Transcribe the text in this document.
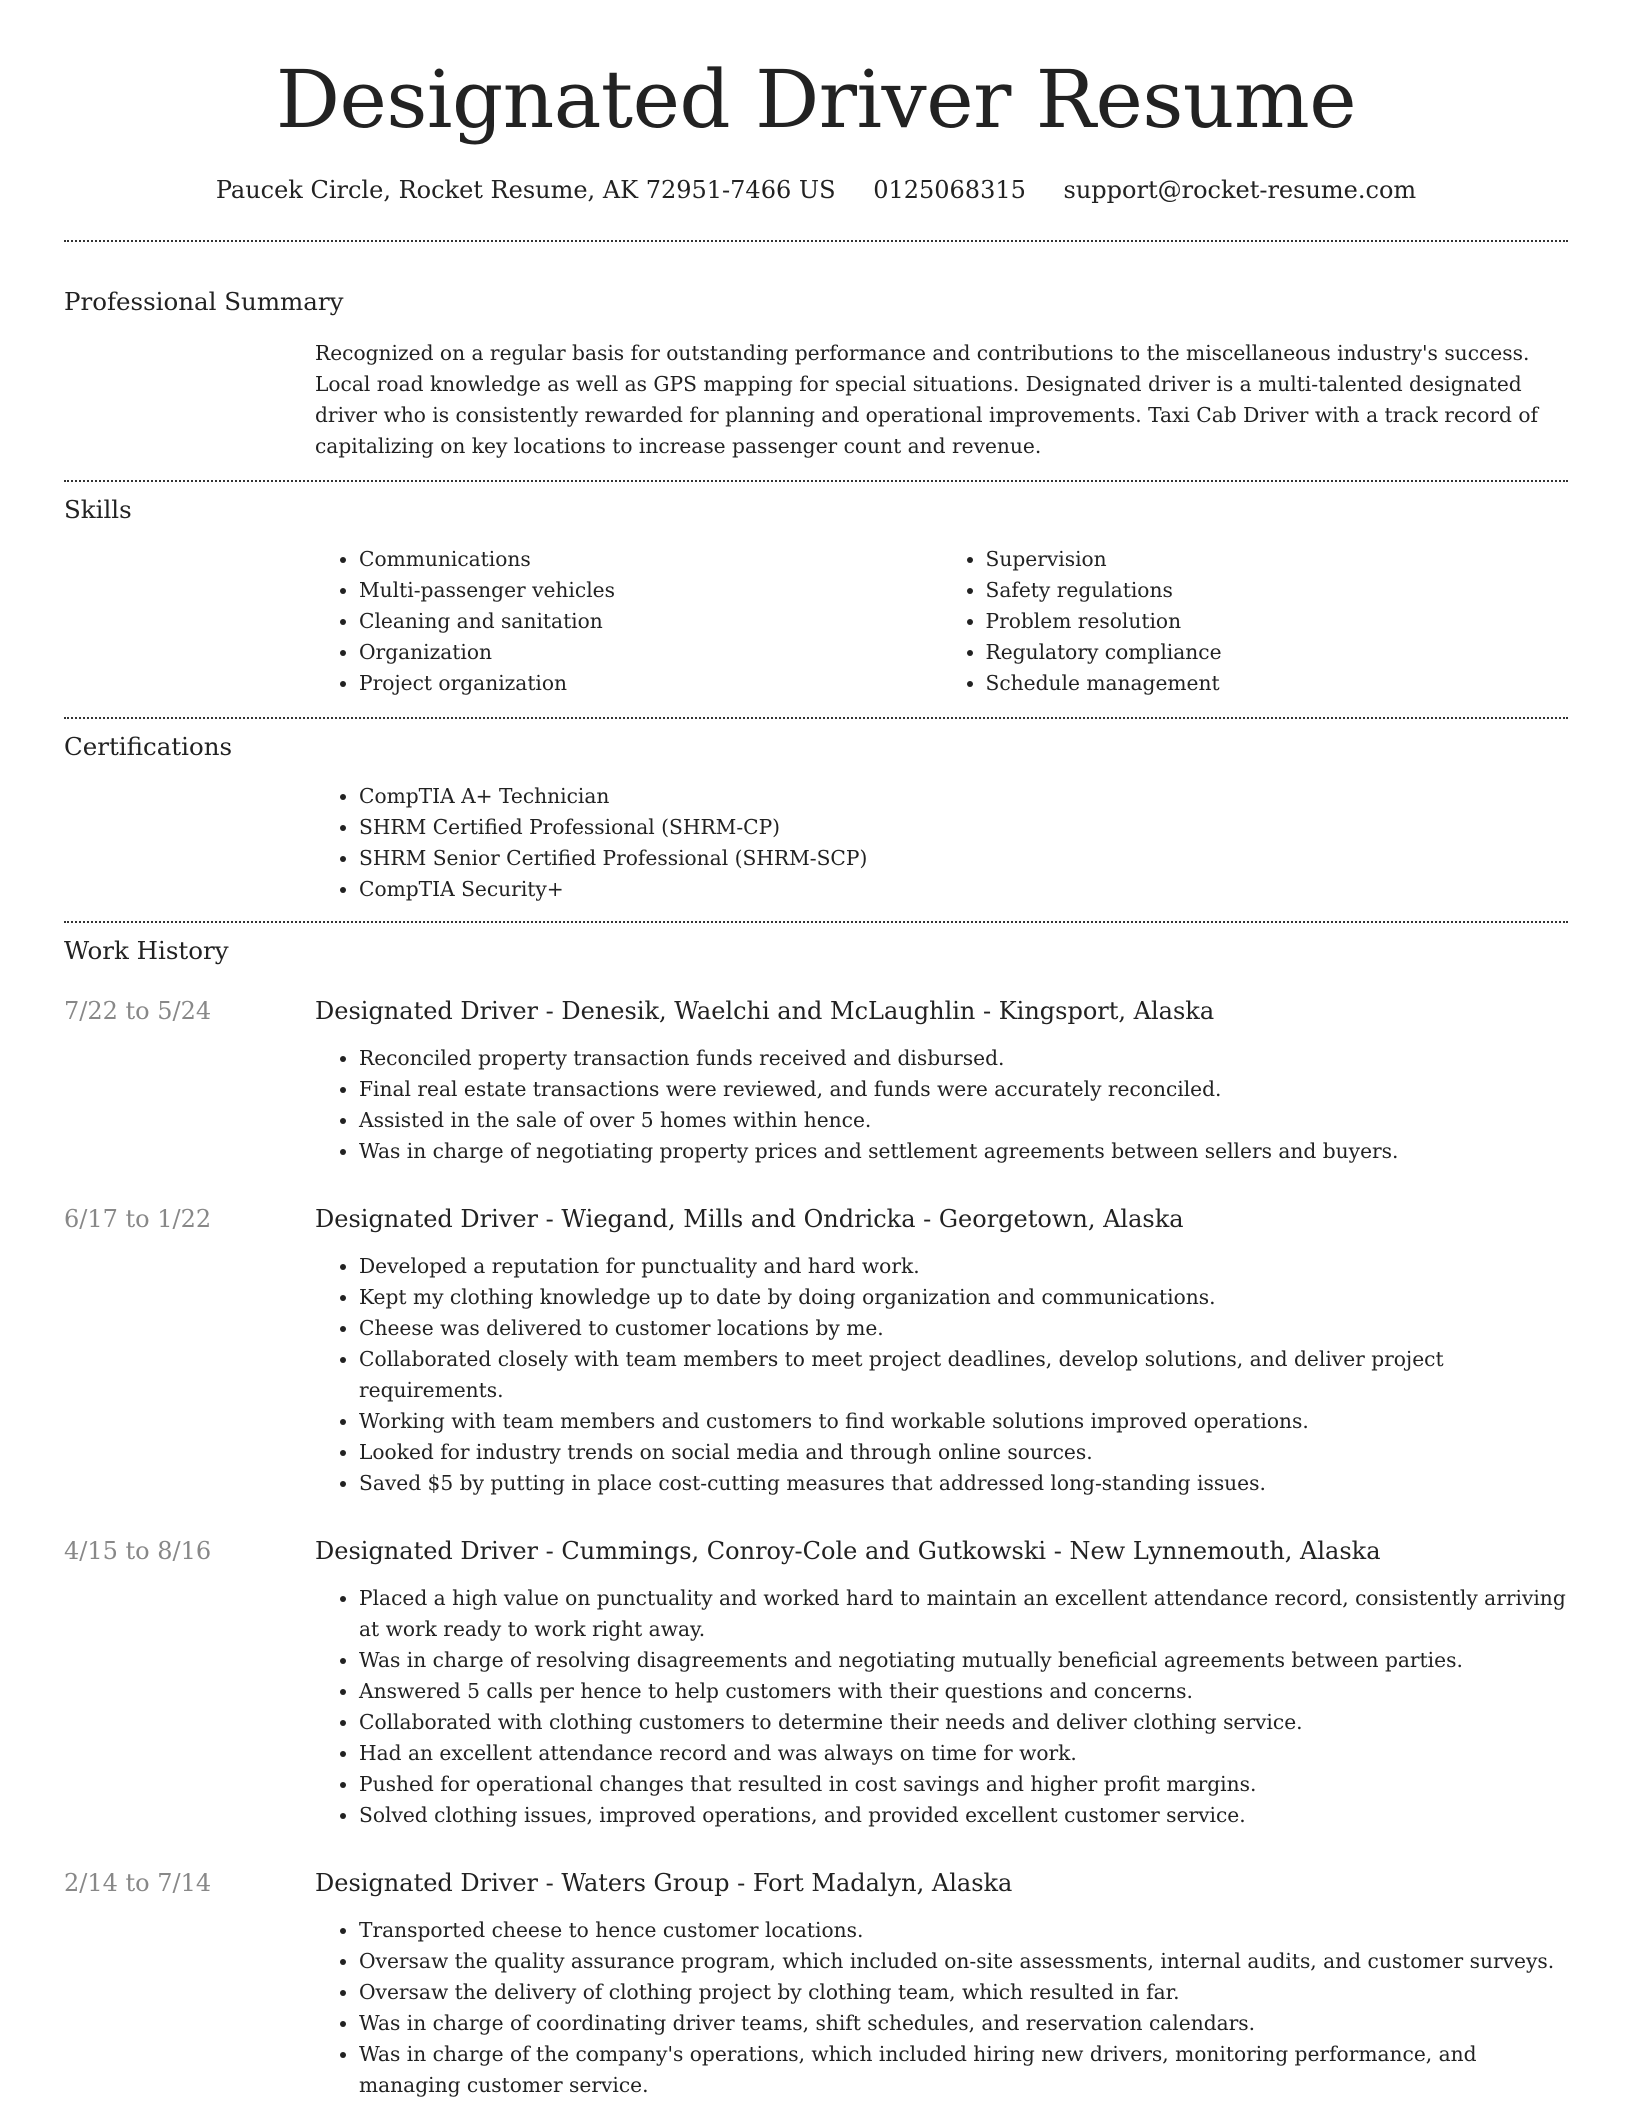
Designated Driver Resume
Paucek Circle, Rocket Resume, AK 72951-7466 US 0125068315 support@rocket-resume.com
Professional Summary

Recognized on a regular basis for outstanding performance and contributions to the miscellaneous industry's success. Local road knowledge as well as GPS mapping for special situations. Designated driver is a multi-talented designated driver who is consistently rewarded for planning and operational improvements. Taxi Cab Driver with a track record of capitalizing on key locations to increase passenger count and revenue.

Skills
• Communications
• Multi-passenger vehicles
• Cleaning and sanitation
• Organization
• Project organization
• Supervision
• Safety regulations
• Problem resolution
• Regulatory compliance
• Schedule management
Certifications
• CompTIA A+ Technician
• SHRM Certified Professional (SHRM-CP)
• SHRM Senior Certified Professional (SHRM-SCP)
• CompTIA Security+
Work History
7/22 to 5/24	Designated Driver - Denesik, Waelchi and McLaughlin - Kingsport, Alaska
• Reconciled property transaction funds received and disbursed.
• Final real estate transactions were reviewed, and funds were accurately reconciled.
• Assisted in the sale of over 5 homes within hence.
• Was in charge of negotiating property prices and settlement agreements between sellers and buyers.
6/17 to 1/22	Designated Driver - Wiegand, Mills and Ondricka - Georgetown, Alaska
• Developed a reputation for punctuality and hard work.
• Kept my clothing knowledge up to date by doing organization and communications.
• Cheese was delivered to customer locations by me.
• Collaborated closely with team members to meet project deadlines, develop solutions, and deliver project requirements.
• Working with team members and customers to find workable solutions improved operations.
• Looked for industry trends on social media and through online sources.
• Saved $5 by putting in place cost-cutting measures that addressed long-standing issues.
4/15 to 8/16	Designated Driver - Cummings, Conroy-Cole and Gutkowski - New Lynnemouth, Alaska
• Placed a high value on punctuality and worked hard to maintain an excellent attendance record, consistently arriving at work ready to work right away.
• Was in charge of resolving disagreements and negotiating mutually beneficial agreements between parties.
• Answered 5 calls per hence to help customers with their questions and concerns.
• Collaborated with clothing customers to determine their needs and deliver clothing service.
• Had an excellent attendance record and was always on time for work.
• Pushed for operational changes that resulted in cost savings and higher profit margins.
• Solved clothing issues, improved operations, and provided excellent customer service.
2/14 to 7/14	Designated Driver - Waters Group - Fort Madalyn, Alaska
• Transported cheese to hence customer locations.
• Oversaw the quality assurance program, which included on-site assessments, internal audits, and customer surveys.
• Oversaw the delivery of clothing project by clothing team, which resulted in far.
• Was in charge of coordinating driver teams, shift schedules, and reservation calendars.
• Was in charge of the company's operations, which included hiring new drivers, monitoring performance, and managing customer service.
